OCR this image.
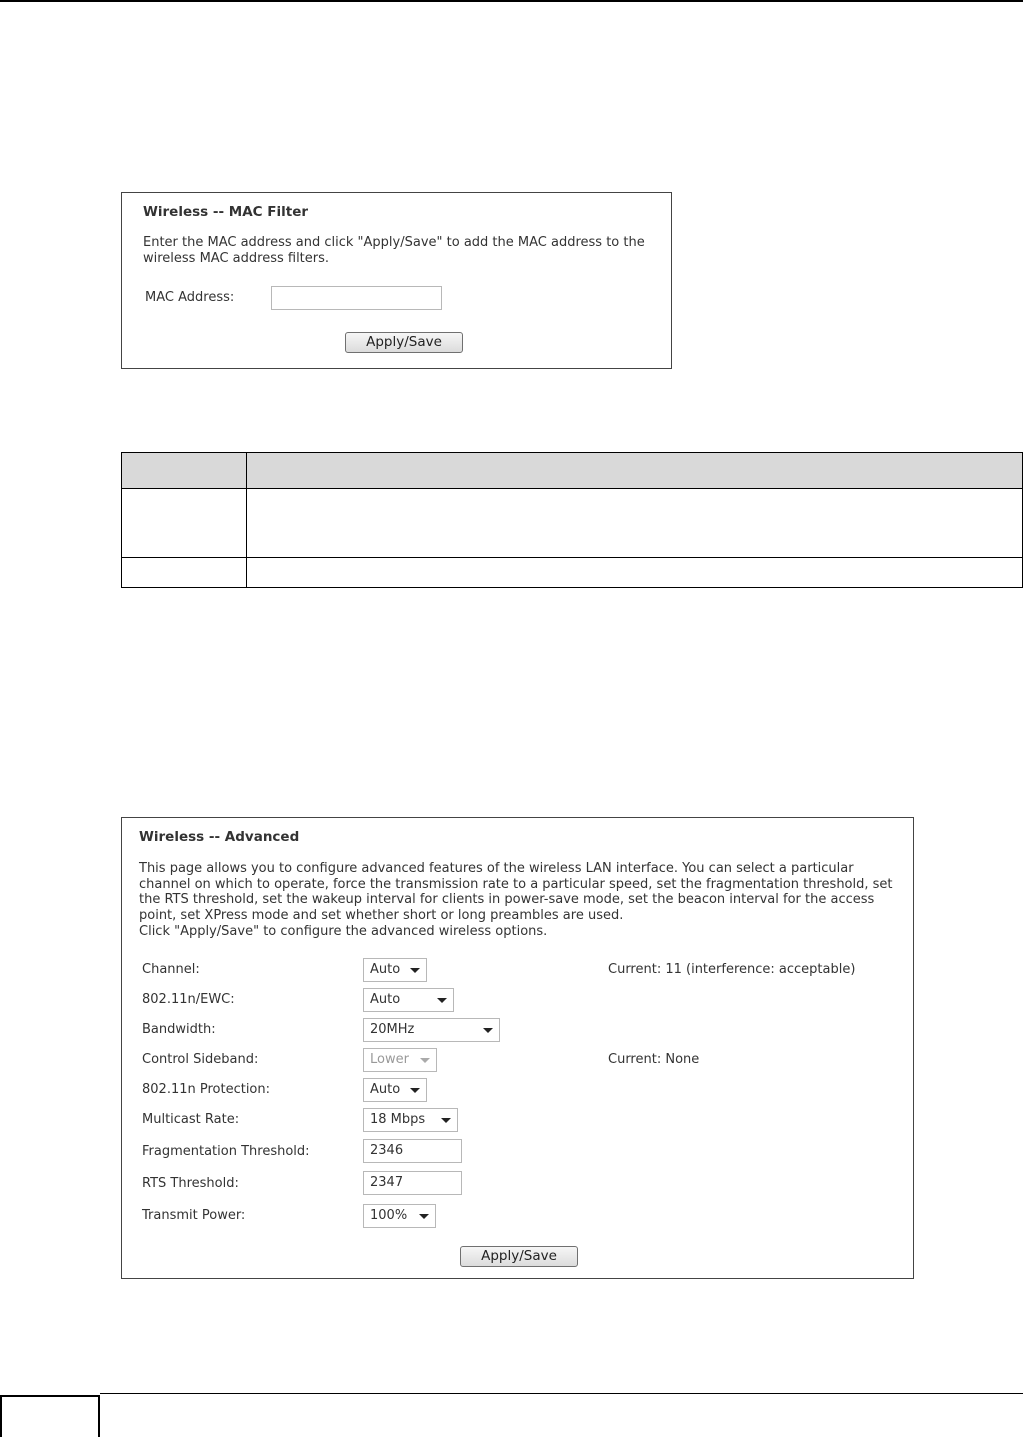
Wireless -- MAC Filter
Enter the MAC address and click "Apply/Save" to add the MAC address to the wireless MAC address filters.
MAC Address:
Apply/Save

Wireless -- Advanced
This page allows you to configure advanced features of the wireless LAN interface. You can select a particular channel on which to operate, force the transmission rate to a particular speed, set the fragmentation threshold, set the RTS threshold, set the wakeup interval for clients in power-save mode, set the beacon interval for the access point, set XPress mode and set whether short or long preambles are used.
Click "Apply/Save" to configure the advanced wireless options.
Channel:	Auto	Current: 11 (interference: acceptable)
802.11n/EWC:	Auto
Bandwidth:	20MHz
Control Sideband:	Lower	Current: None
802.11n Protection:	Auto
Multicast Rate:	18 Mbps
Fragmentation Threshold:	2346
RTS Threshold:	2347
Transmit Power:	100%
Apply/Save
